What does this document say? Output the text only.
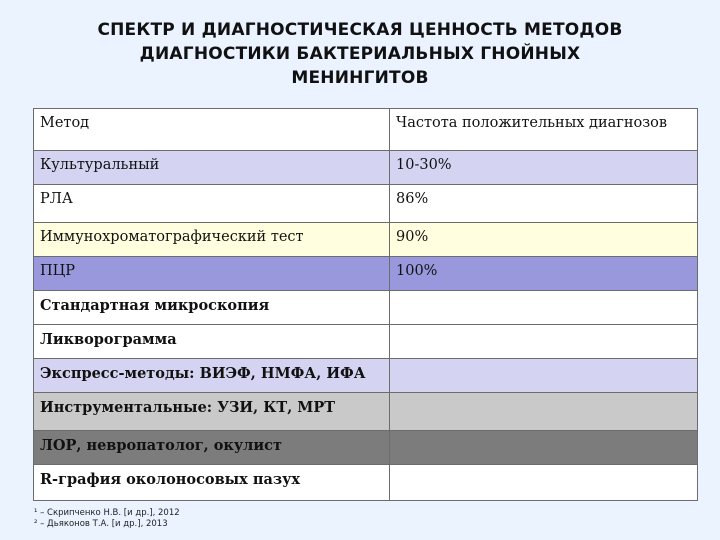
СПЕКТР И ДИАГНОСТИЧЕСКАЯ ЦЕННОСТЬ МЕТОДОВ
ДИАГНОСТИКИ БАКТЕРИАЛЬНЫХ ГНОЙНЫХ
МЕНИНГИТОВ
Метод	Частота положительных диагнозов
Культуральный	10-30%
РЛА	86%
Иммунохроматографический тест	90%
ПЦР	100%
Стандартная микроскопия	
Ликворограмма	
Экспресс-методы: ВИЭФ, НМФА, ИФА	
Инструментальные: УЗИ, КТ, МРТ	
ЛОР, невропатолог, окулист	
R-графия околоносовых пазух	
¹ – Скрипченко Н.В. [и др.], 2012
² – Дьяконов Т.А. [и др.], 2013
